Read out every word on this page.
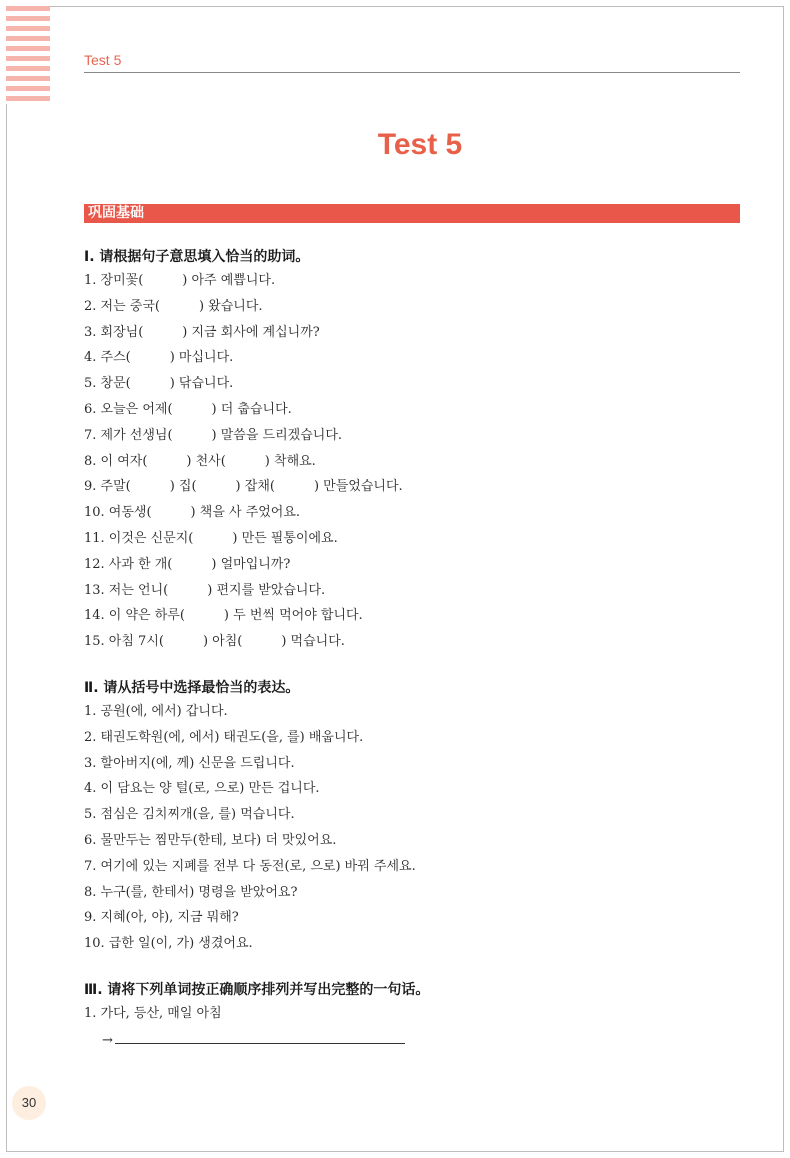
Test 5
Test 5
巩固基础
Ⅰ. 请根据句子意思填入恰当的助词。
1. 장미꽃(　　　) 아주 예쁩니다.
2. 저는 중국(　　　) 왔습니다.
3. 회장님(　　　) 지금 회사에 계십니까?
4. 주스(　　　) 마십니다.
5. 창문(　　　) 닦습니다.
6. 오늘은 어제(　　　) 더 춥습니다.
7. 제가 선생님(　　　) 말씀을 드리겠습니다.
8. 이 여자(　　　) 천사(　　　) 착해요.
9. 주말(　　　) 집(　　　) 잡채(　　　) 만들었습니다.
10. 여동생(　　　) 책을 사 주었어요.
11. 이것은 신문지(　　　) 만든 필통이에요.
12. 사과 한 개(　　　) 얼마입니까?
13. 저는 언니(　　　) 편지를 받았습니다.
14. 이 약은 하루(　　　) 두 번씩 먹어야 합니다.
15. 아침 7시(　　　) 아침(　　　) 먹습니다.
Ⅱ. 请从括号中选择最恰当的表达。
1. 공원(에, 에서) 갑니다.
2. 태권도학원(에, 에서) 태권도(을, 를) 배웁니다.
3. 할아버지(에, 께) 신문을 드립니다.
4. 이 담요는 양 털(로, 으로) 만든 겁니다.
5. 점심은 김치찌개(을, 를) 먹습니다.
6. 물만두는 찜만두(한테, 보다) 더 맛있어요.
7. 여기에 있는 지폐를 전부 다 동전(로, 으로) 바꿔 주세요.
8. 누구(를, 한테서) 명령을 받았어요?
9. 지혜(아, 야), 지금 뭐해?
10. 급한 일(이, 가) 생겼어요.
Ⅲ. 请将下列单词按正确顺序排列并写出完整的一句话。
1. 가다, 등산, 매일 아침
→
30
